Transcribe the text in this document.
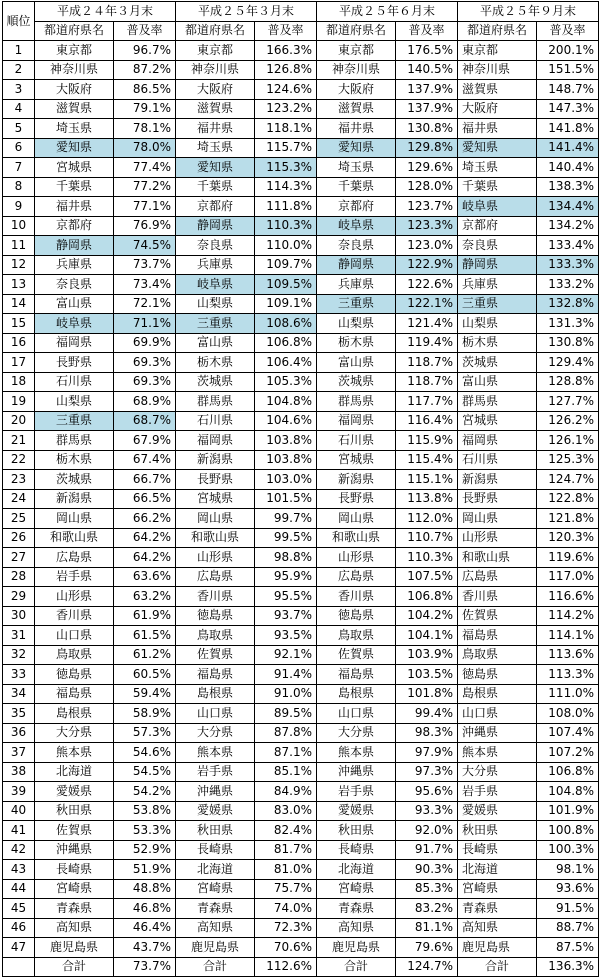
順位	平成２４年３月末		平成２５年３月末		平成２５年６月末		平成２５年９月末	
	都道府県名	普及率	都道府県名	普及率	都道府県名	普及率	都道府県名	普及率
1	東京都	96.7%	東京都	166.3%	東京都	176.5%	東京都	200.1%
2	神奈川県	87.2%	神奈川県	126.8%	神奈川県	140.5%	神奈川県	151.5%
3	大阪府	86.5%	大阪府	124.6%	大阪府	137.9%	滋賀県	148.7%
4	滋賀県	79.1%	滋賀県	123.2%	滋賀県	137.9%	大阪府	147.3%
5	埼玉県	78.1%	福井県	118.1%	福井県	130.8%	福井県	141.8%
6	愛知県	78.0%	埼玉県	115.7%	愛知県	129.8%	愛知県	141.4%
7	宮城県	77.4%	愛知県	115.3%	埼玉県	129.6%	埼玉県	140.4%
8	千葉県	77.2%	千葉県	114.3%	千葉県	128.0%	千葉県	138.3%
9	福井県	77.1%	京都府	111.8%	京都府	123.7%	岐阜県	134.4%
10	京都府	76.9%	静岡県	110.3%	岐阜県	123.3%	京都府	134.2%
11	静岡県	74.5%	奈良県	110.0%	奈良県	123.0%	奈良県	133.4%
12	兵庫県	73.7%	兵庫県	109.7%	静岡県	122.9%	静岡県	133.3%
13	奈良県	73.4%	岐阜県	109.5%	兵庫県	122.6%	兵庫県	133.2%
14	富山県	72.1%	山梨県	109.1%	三重県	122.1%	三重県	132.8%
15	岐阜県	71.1%	三重県	108.6%	山梨県	121.4%	山梨県	131.3%
16	福岡県	69.9%	富山県	106.8%	栃木県	119.4%	栃木県	130.8%
17	長野県	69.3%	栃木県	106.4%	富山県	118.7%	茨城県	129.4%
18	石川県	69.3%	茨城県	105.3%	茨城県	118.7%	富山県	128.8%
19	山梨県	68.9%	群馬県	104.8%	群馬県	117.7%	群馬県	127.7%
20	三重県	68.7%	石川県	104.6%	福岡県	116.4%	宮城県	126.2%
21	群馬県	67.9%	福岡県	103.8%	石川県	115.9%	福岡県	126.1%
22	栃木県	67.4%	新潟県	103.8%	宮城県	115.4%	石川県	125.3%
23	茨城県	66.7%	長野県	103.0%	新潟県	115.1%	新潟県	124.7%
24	新潟県	66.5%	宮城県	101.5%	長野県	113.8%	長野県	122.8%
25	岡山県	66.2%	岡山県	99.7%	岡山県	112.0%	岡山県	121.8%
26	和歌山県	64.2%	和歌山県	99.5%	和歌山県	110.7%	山形県	120.3%
27	広島県	64.2%	山形県	98.8%	山形県	110.3%	和歌山県	119.6%
28	岩手県	63.6%	広島県	95.9%	広島県	107.5%	広島県	117.0%
29	山形県	63.2%	香川県	95.5%	香川県	106.8%	香川県	116.6%
30	香川県	61.9%	徳島県	93.7%	徳島県	104.2%	佐賀県	114.2%
31	山口県	61.5%	鳥取県	93.5%	鳥取県	104.1%	福島県	114.1%
32	鳥取県	61.2%	佐賀県	92.1%	佐賀県	103.9%	鳥取県	113.6%
33	徳島県	60.5%	福島県	91.4%	福島県	103.5%	徳島県	113.3%
34	福島県	59.4%	島根県	91.0%	島根県	101.8%	島根県	111.0%
35	島根県	58.9%	山口県	89.5%	山口県	99.4%	山口県	108.0%
36	大分県	57.3%	大分県	87.8%	大分県	98.3%	沖縄県	107.4%
37	熊本県	54.6%	熊本県	87.1%	熊本県	97.9%	熊本県	107.2%
38	北海道	54.5%	岩手県	85.1%	沖縄県	97.3%	大分県	106.8%
39	愛媛県	54.2%	沖縄県	84.9%	岩手県	95.6%	岩手県	104.8%
40	秋田県	53.8%	愛媛県	83.0%	愛媛県	93.3%	愛媛県	101.9%
41	佐賀県	53.3%	秋田県	82.4%	秋田県	92.0%	秋田県	100.8%
42	沖縄県	52.9%	長崎県	81.7%	長崎県	91.7%	長崎県	100.3%
43	長崎県	51.9%	北海道	81.0%	北海道	90.3%	北海道	98.1%
44	宮崎県	48.8%	宮崎県	75.7%	宮崎県	85.3%	宮崎県	93.6%
45	青森県	46.8%	青森県	74.0%	青森県	83.2%	青森県	91.5%
46	高知県	46.4%	高知県	72.3%	高知県	81.1%	高知県	88.7%
47	鹿児島県	43.7%	鹿児島県	70.6%	鹿児島県	79.6%	鹿児島県	87.5%
	合計	73.7%	合計	112.6%	合計	124.7%	合計	136.3%
